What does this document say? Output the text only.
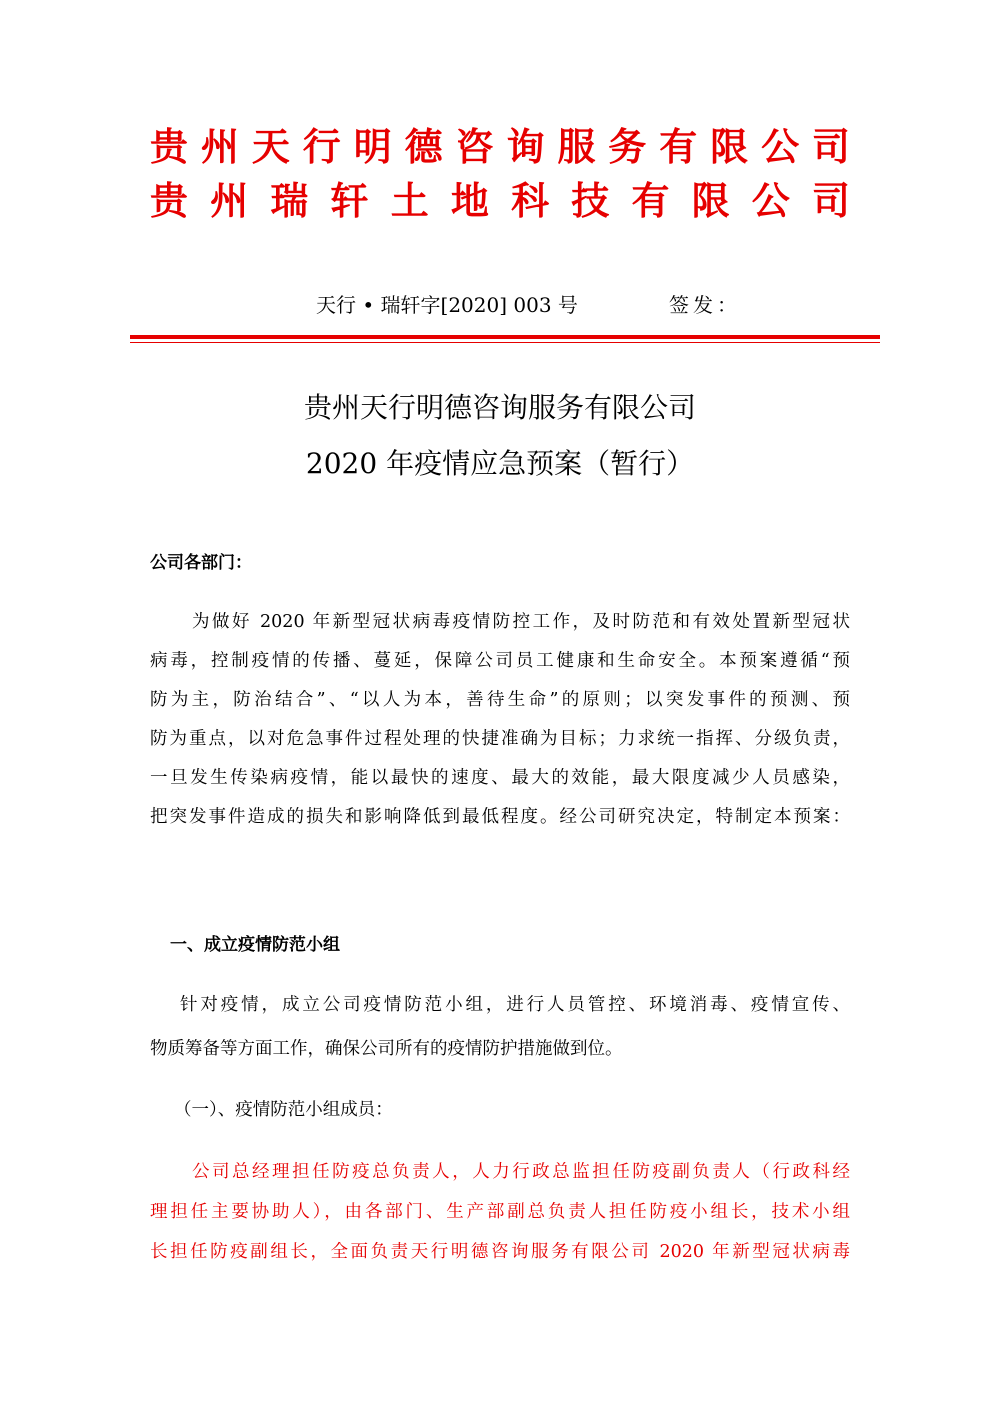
贵州天行明德咨询服务有限公司
贵州瑞轩土地科技有限公司
天行 • 瑞轩字[2020] 003 号	签发：
贵州天行明德咨询服务有限公司
2020 年疫情应急预案（暂行）
公司各部门：
为做好 2020 年新型冠状病毒疫情防控工作，及时防范和有效处置新型冠状
病毒，控制疫情的传播、蔓延，保障公司员工健康和生命安全。本预案遵循“预
防为主，防治结合”、“以人为本，善待生命”的原则；以突发事件的预测、预
防为重点，以对危急事件过程处理的快捷准确为目标；力求统一指挥、分级负责，
一旦发生传染病疫情，能以最快的速度、最大的效能，最大限度减少人员感染，
把突发事件造成的损失和影响降低到最低程度。经公司研究决定，特制定本预案：
一、成立疫情防范小组
针对疫情，成立公司疫情防范小组，进行人员管控、环境消毒、疫情宣传、
物质筹备等方面工作，确保公司所有的疫情防护措施做到位。
（一）、疫情防范小组成员：
公司总经理担任防疫总负责人，人力行政总监担任防疫副负责人（行政科经
理担任主要协助人），由各部门、生产部副总负责人担任防疫小组长，技术小组
长担任防疫副组长，全面负责天行明德咨询服务有限公司 2020 年新型冠状病毒
